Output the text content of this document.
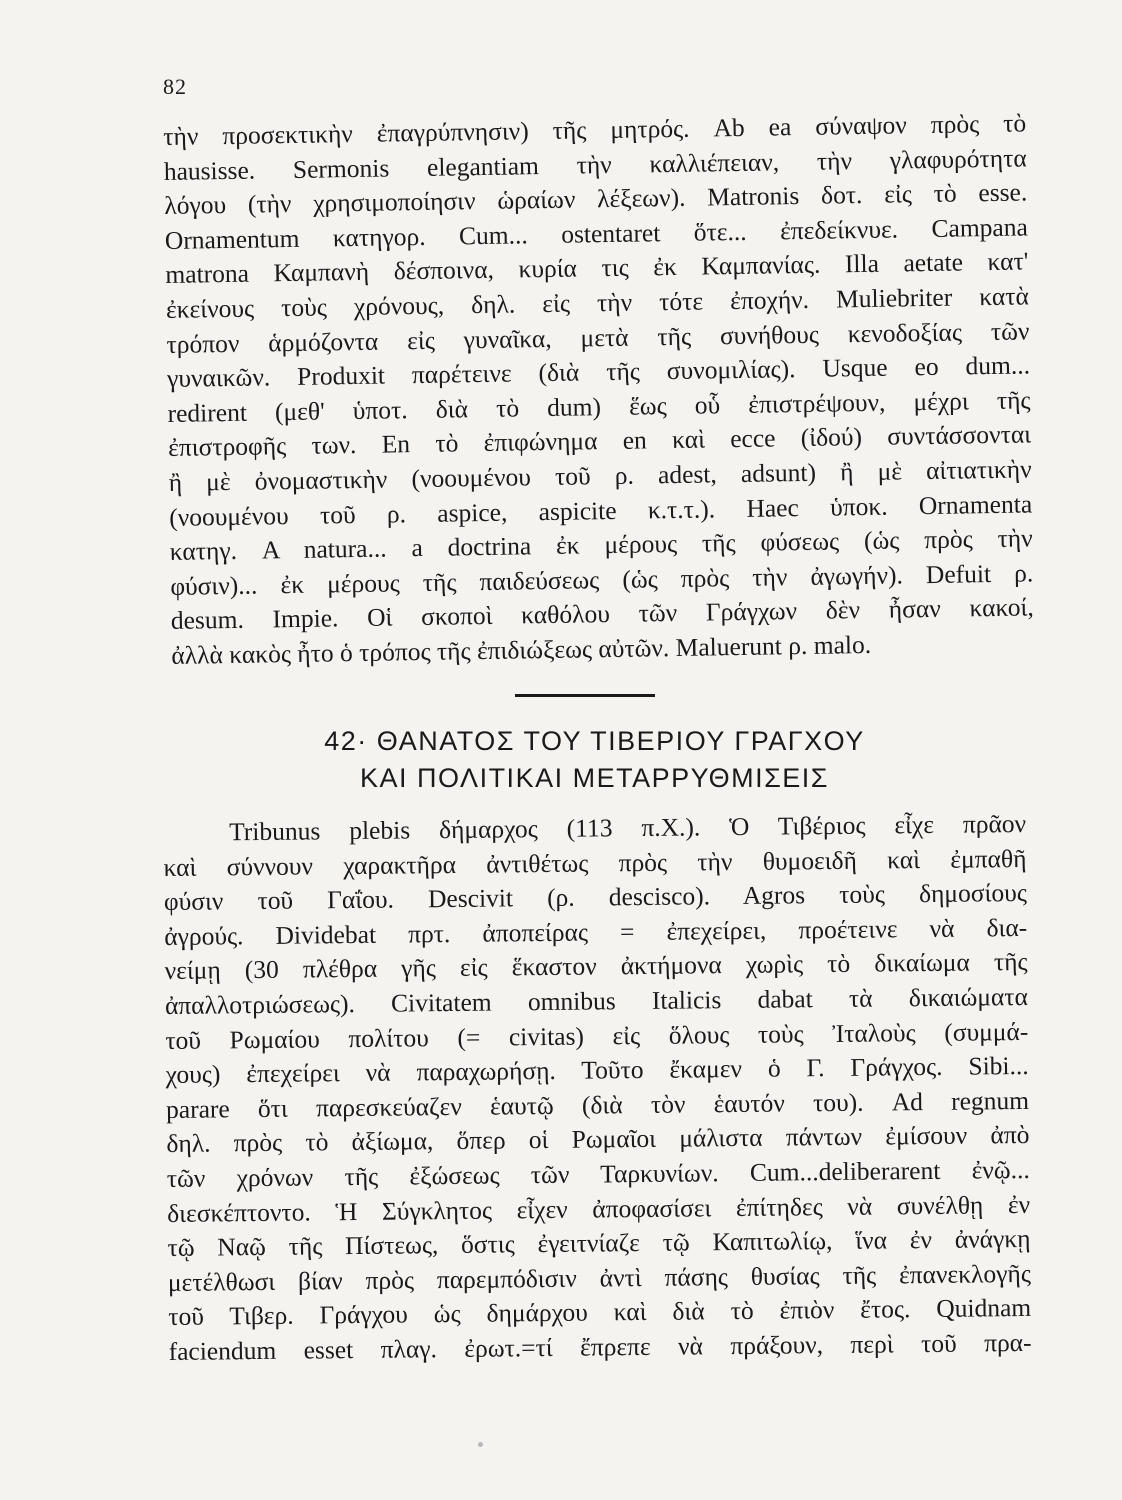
82
τὴν προσεκτικὴν ἐπαγρύπνησιν) τῆς μητρός. Ab ea σύναψον πρὸς τὸ
hausisse. Sermonis elegantiam τὴν καλλιέπειαν, τὴν γλαφυρότητα
λόγου (τὴν χρησιμοποίησιν ὡραίων λέξεων). Matronis δοτ. εἰς τὸ esse.
Ornamentum κατηγορ. Cum... ostentaret ὅτε... ἐπεδείκνυε. Campana
matrona Καμπανὴ δέσποινα, κυρία τις ἐκ Καμπανίας. Illa aetate κατ'
ἐκείνους τοὺς χρόνους, δηλ. εἰς τὴν τότε ἐποχήν. Muliebriter κατὰ
τρόπον ἁρμόζοντα εἰς γυναῖκα, μετὰ τῆς συνήθους κενοδοξίας τῶν
γυναικῶν. Produxit παρέτεινε (διὰ τῆς συνομιλίας). Usque eo dum...
redirent (μεθ' ὑποτ. διὰ τὸ dum) ἕως οὗ ἐπιστρέψουν, μέχρι τῆς
ἐπιστροφῆς των. En τὸ ἐπιφώνημα en καὶ ecce (ἰδού) συντάσσονται
ἢ μὲ ὀνομαστικὴν (νοουμένου τοῦ ρ. adest, adsunt) ἢ μὲ αἰτιατικὴν
(νοουμένου τοῦ ρ. aspice, aspicite κ.τ.τ.). Haec ὑποκ. Ornamenta
κατηγ. A natura... a doctrina ἐκ μέρους τῆς φύσεως (ὡς πρὸς τὴν
φύσιν)... ἐκ μέρους τῆς παιδεύσεως (ὡς πρὸς τὴν ἀγωγήν). Defuit ρ.
desum. Impie. Οἱ σκοποὶ καθόλου τῶν Γράγχων δὲν ἦσαν κακοί,
ἀλλὰ κακὸς ἦτο ὁ τρόπος τῆς ἐπιδιώξεως αὐτῶν. Maluerunt ρ. malo.
42· ΘΑΝΑΤΟΣ ΤΟΥ ΤΙΒΕΡΙΟΥ ΓΡΑΓΧΟΥ
ΚΑΙ ΠΟΛΙΤΙΚΑΙ ΜΕΤΑΡΡΥΘΜΙΣΕΙΣ
Tribunus plebis δήμαρχος (113 π.Χ.). Ὁ Τιβέριος εἶχε πρᾶον
καὶ σύννουν χαρακτῆρα ἀντιθέτως πρὸς τὴν θυμοειδῆ καὶ ἐμπαθῆ
φύσιν τοῦ Γαΐου. Descivit (ρ. descisco). Agros τοὺς δημοσίους
ἀγρούς. Dividebat πρτ. ἀποπείρας = ἐπεχείρει, προέτεινε νὰ δια-
νείμῃ (30 πλέθρα γῆς εἰς ἕκαστον ἀκτήμονα χωρὶς τὸ δικαίωμα τῆς
ἀπαλλοτριώσεως). Civitatem omnibus Italicis dabat τὰ δικαιώματα
τοῦ Ρωμαίου πολίτου (= civitas) εἰς ὅλους τοὺς Ἰταλοὺς (συμμά-
χους) ἐπεχείρει νὰ παραχωρήσῃ. Τοῦτο ἔκαμεν ὁ Γ. Γράγχος. Sibi...
parare ὅτι παρεσκεύαζεν ἑαυτῷ (διὰ τὸν ἑαυτόν του). Ad regnum
δηλ. πρὸς τὸ ἀξίωμα, ὅπερ οἱ Ρωμαῖοι μάλιστα πάντων ἐμίσουν ἀπὸ
τῶν χρόνων τῆς ἐξώσεως τῶν Ταρκυνίων. Cum...deliberarent ἐνῷ...
διεσκέπτοντο. Ἡ Σύγκλητος εἶχεν ἀποφασίσει ἐπίτηδες νὰ συνέλθῃ ἐν
τῷ Ναῷ τῆς Πίστεως, ὅστις ἐγειτνίαζε τῷ Καπιτωλίῳ, ἵνα ἐν ἀνάγκῃ
μετέλθωσι βίαν πρὸς παρεμπόδισιν ἀντὶ πάσης θυσίας τῆς ἐπανεκλογῆς
τοῦ Τιβερ. Γράγχου ὡς δημάρχου καὶ διὰ τὸ ἐπιὸν ἔτος. Quidnam
faciendum esset πλαγ. ἐρωτ.=τί ἔπρεπε νὰ πράξουν, περὶ τοῦ πρα-
